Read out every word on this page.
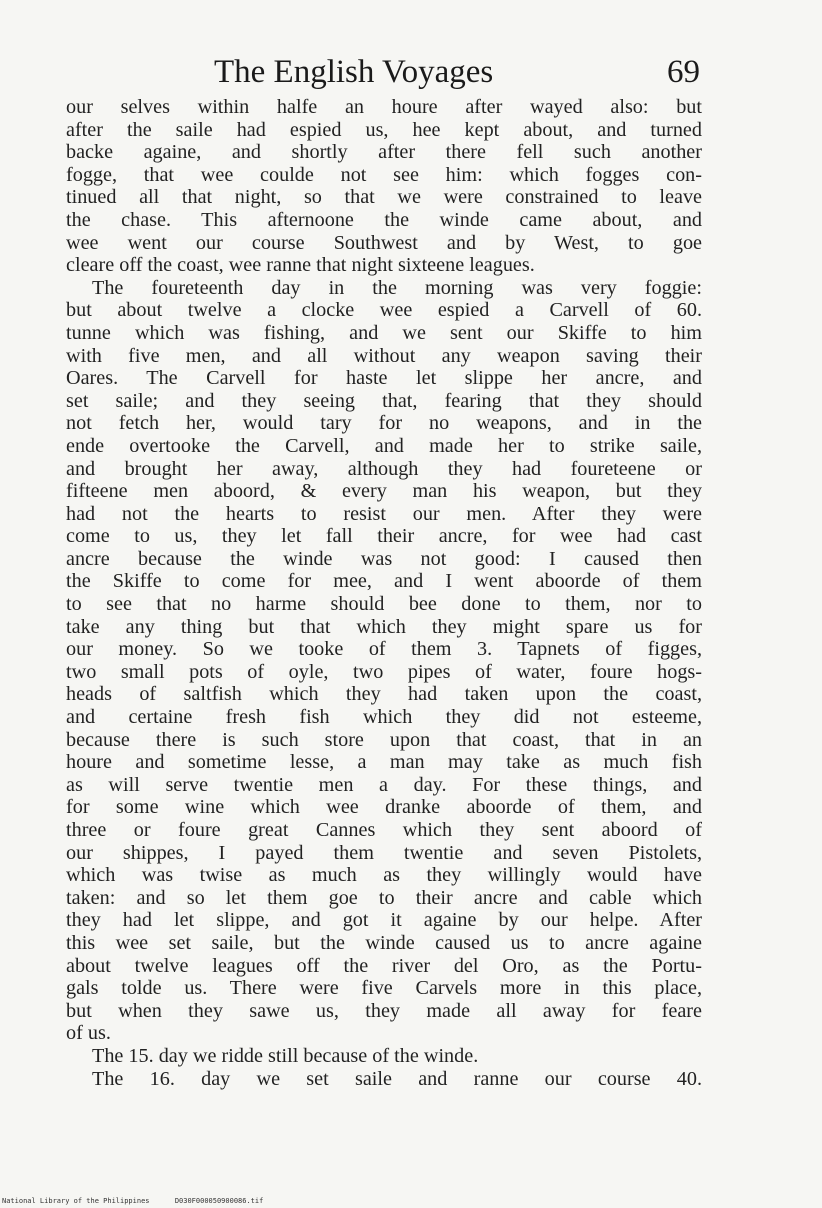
The English Voyages	69
our selves within halfe an houre after wayed also: but
after the saile had espied us, hee kept about, and turned
backe againe, and shortly after there fell such another
fogge, that wee coulde not see him: which fogges con-
tinued all that night, so that we were constrained to leave
the chase. This afternoone the winde came about, and
wee went our course Southwest and by West, to goe
cleare off the coast, wee ranne that night sixteene leagues.
The foureteenth day in the morning was very foggie:
but about twelve a clocke wee espied a Carvell of 60.
tunne which was fishing, and we sent our Skiffe to him
with five men, and all without any weapon saving their
Oares. The Carvell for haste let slippe her ancre, and
set saile; and they seeing that, fearing that they should
not fetch her, would tary for no weapons, and in the
ende overtooke the Carvell, and made her to strike saile,
and brought her away, although they had foureteene or
fifteene men aboord, & every man his weapon, but they
had not the hearts to resist our men. After they were
come to us, they let fall their ancre, for wee had cast
ancre because the winde was not good: I caused then
the Skiffe to come for mee, and I went aboorde of them
to see that no harme should bee done to them, nor to
take any thing but that which they might spare us for
our money. So we tooke of them 3. Tapnets of figges,
two small pots of oyle, two pipes of water, foure hogs-
heads of saltfish which they had taken upon the coast,
and certaine fresh fish which they did not esteeme,
because there is such store upon that coast, that in an
houre and sometime lesse, a man may take as much fish
as will serve twentie men a day. For these things, and
for some wine which wee dranke aboorde of them, and
three or foure great Cannes which they sent aboord of
our shippes, I payed them twentie and seven Pistolets,
which was twise as much as they willingly would have
taken: and so let them goe to their ancre and cable which
they had let slippe, and got it againe by our helpe. After
this wee set saile, but the winde caused us to ancre againe
about twelve leagues off the river del Oro, as the Portu-
gals tolde us. There were five Carvels more in this place,
but when they sawe us, they made all away for feare
of us.
The 15. day we ridde still because of the winde.
The 16. day we set saile and ranne our course 40.
National Library of the Philippines	D030F000050900086.tif
